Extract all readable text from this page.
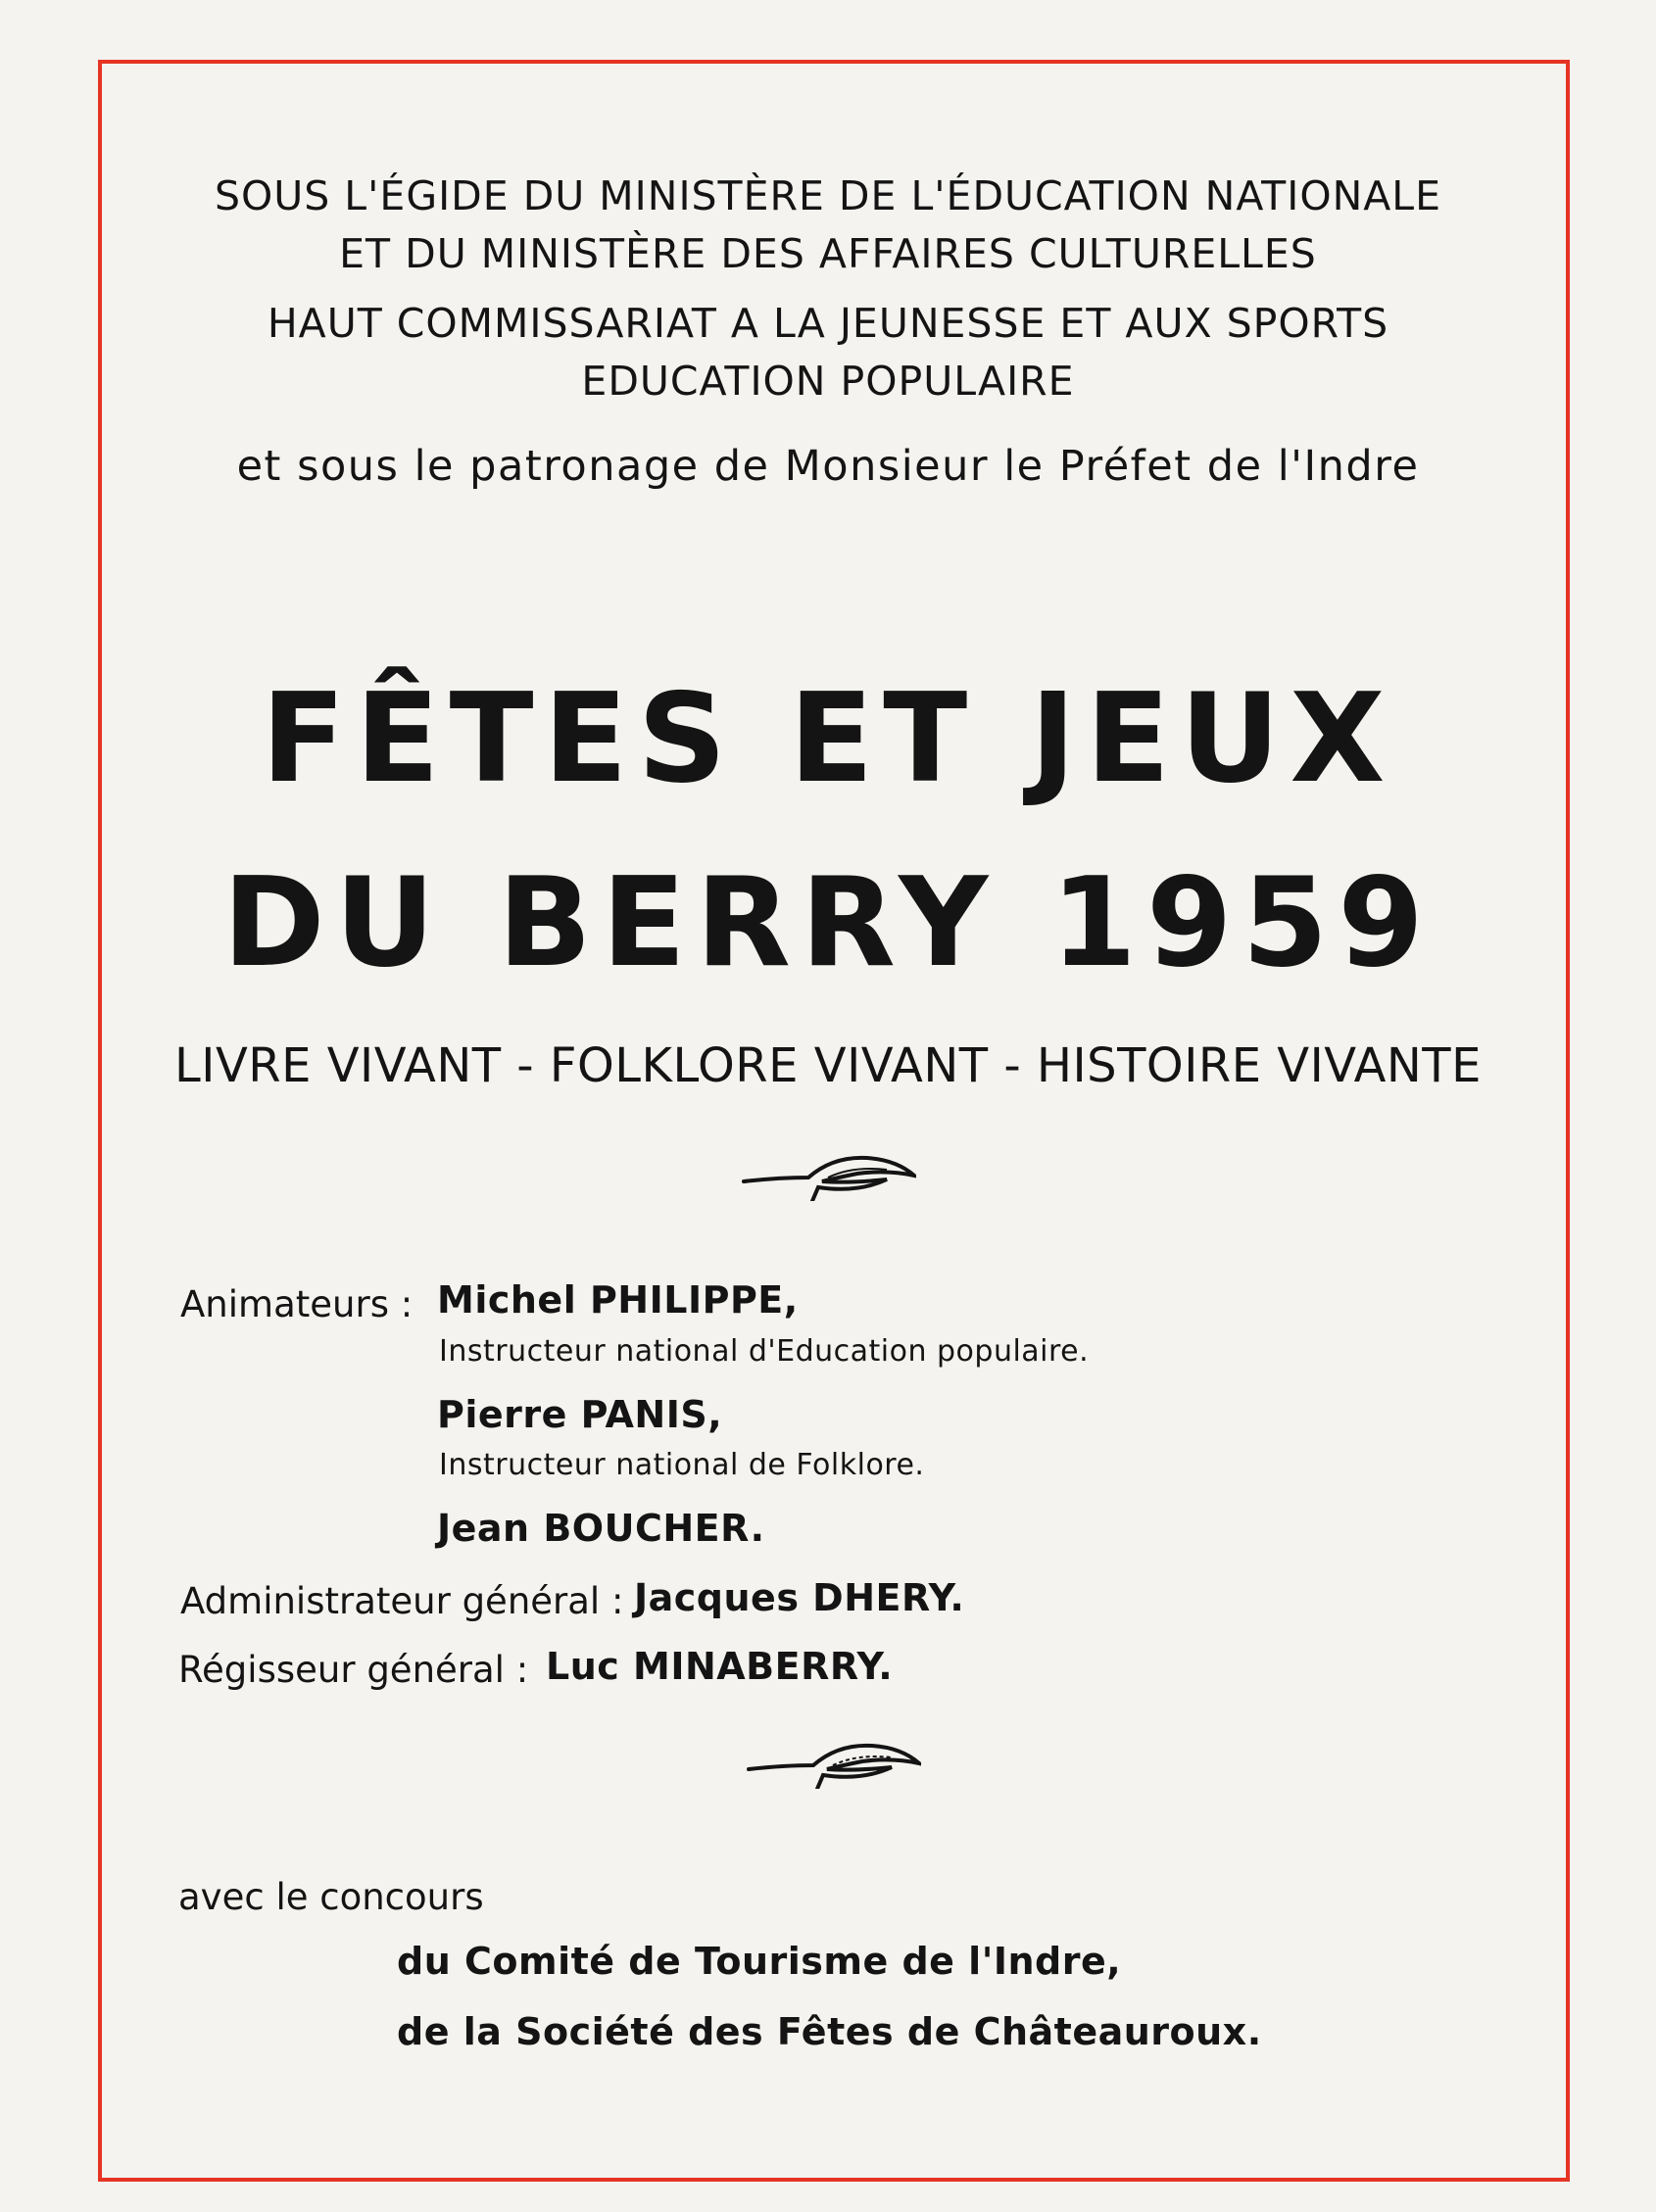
SOUS L'ÉGIDE DU MINISTÈRE DE L'ÉDUCATION NATIONALE
ET DU MINISTÈRE DES AFFAIRES CULTURELLES
HAUT COMMISSARIAT A LA JEUNESSE ET AUX SPORTS
EDUCATION POPULAIRE
et sous le patronage de Monsieur le Préfet de l'Indre
FÊTES ET JEUX
DU BERRY 1959
LIVRE VIVANT - FOLKLORE VIVANT - HISTOIRE VIVANTE
Animateurs : Michel PHILIPPE,
Instructeur national d'Education populaire.
Pierre PANIS,
Instructeur national de Folklore.
Jean BOUCHER.
Administrateur général : Jacques DHERY.
Régisseur général : Luc MINABERRY.
avec le concours
du Comité de Tourisme de l'Indre,
de la Société des Fêtes de Châteauroux.
